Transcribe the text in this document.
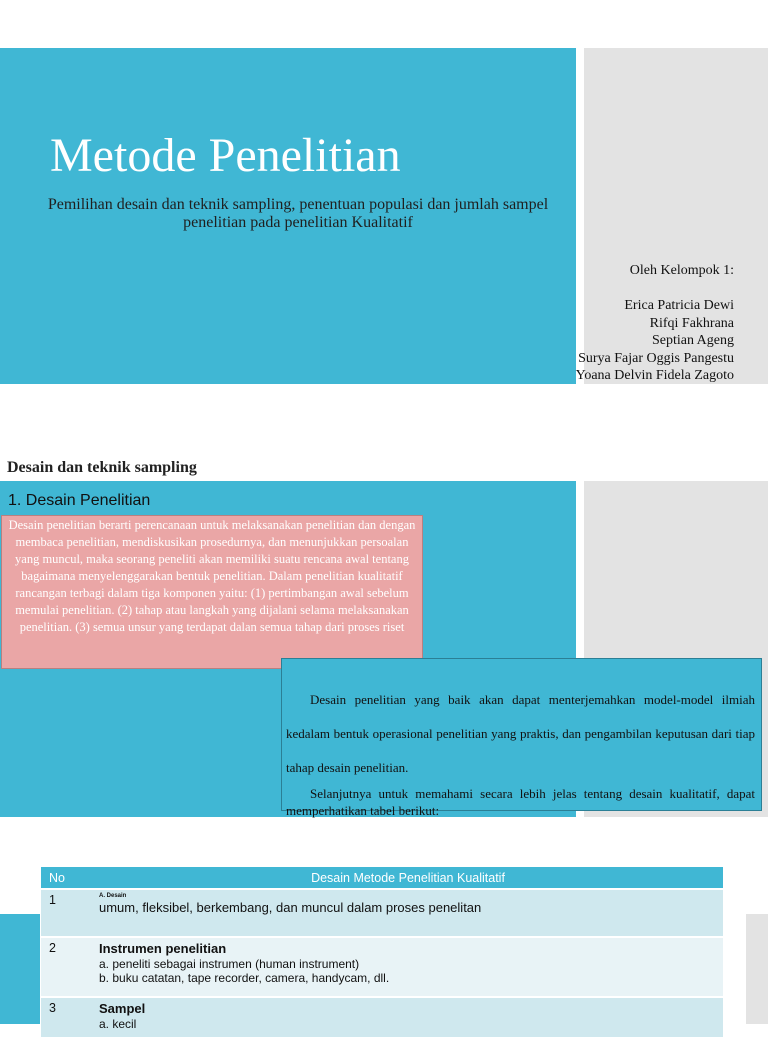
Metode Penelitian
Pemilihan desain dan teknik sampling, penentuan populasi dan jumlah sampel
penelitian pada penelitian Kualitatif
Oleh Kelompok 1:
Erica Patricia Dewi
Rifqi Fakhrana
Septian Ageng
Surya Fajar Oggis Pangestu
Yoana Delvin Fidela Zagoto
Desain dan teknik sampling
1. Desain Penelitian
Desain penelitian berarti perencanaan untuk melaksanakan penelitian dan dengan membaca penelitian, mendiskusikan prosedurnya, dan menunjukkan persoalan yang muncul, maka seorang peneliti akan memiliki suatu rencana awal tentang bagaimana menyelenggarakan bentuk penelitian. Dalam penelitian kualitatif rancangan terbagi dalam tiga komponen yaitu: (1) pertimbangan awal sebelum memulai penelitian. (2) tahap atau langkah yang dijalani selama melaksanakan penelitian. (3) semua unsur yang terdapat dalan semua tahap dari proses riset

Desain penelitian yang baik akan dapat menterjemahkan model-model ilmiah kedalam bentuk operasional penelitian yang praktis, dan pengambilan keputusan dari tiap tahap desain penelitian.

Selanjutnya untuk memahami secara lebih jelas tentang desain kualitatif, dapat memperhatikan tabel berikut:

No	Desain Metode Penelitian Kualitatif
1	A. Desain
umum, fleksibel, berkembang, dan muncul dalam proses penelitan

2	Instrumen penelitian
a. peneliti sebagai instrumen (human instrument)
b. buku catatan, tape recorder, camera, handycam, dll.

3	Sampel
a. kecil
